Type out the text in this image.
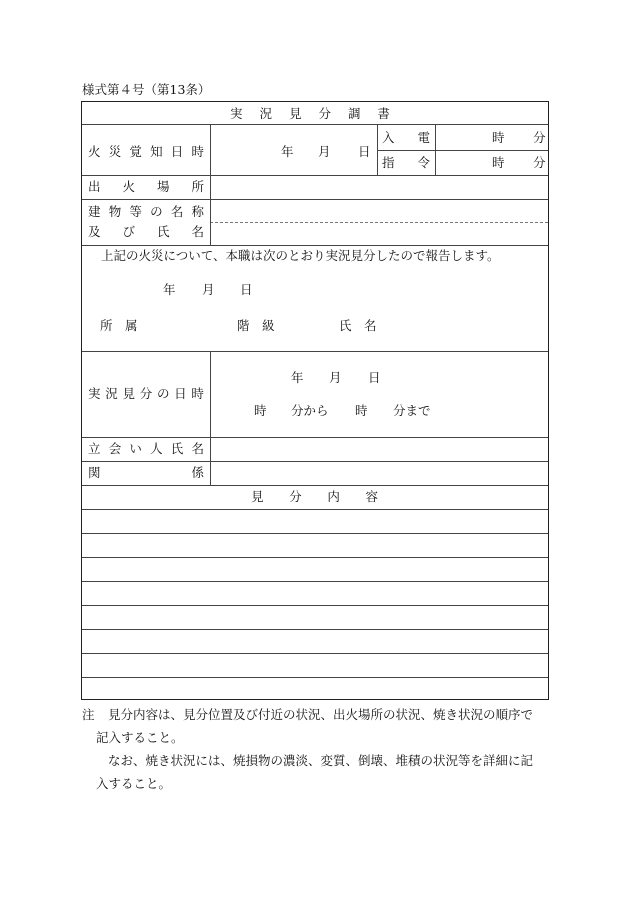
様式第４号（第13条）
実 況 見 分 調 書
火 災 覚 知 日 時	年 月 日
入 電	時 分
指 令	時 分
出 火 場 所
建 物 等 の 名 称
及 び 氏 名
上記の火災について、本職は次のとおり実況見分したので報告します。
年 月 日
所　属	階　級	氏　名
実 況 見 分 の 日 時
年 月 日
時 分から 時 分まで
立 会 い 人 氏 名
関	係
見 分 内 容
注 見分内容は、見分位置及び付近の状況、出火場所の状況、焼き状況の順序で
記入すること。
なお、焼き状況には、焼損物の濃淡、変質、倒壊、堆積の状況等を詳細に記
入すること。
